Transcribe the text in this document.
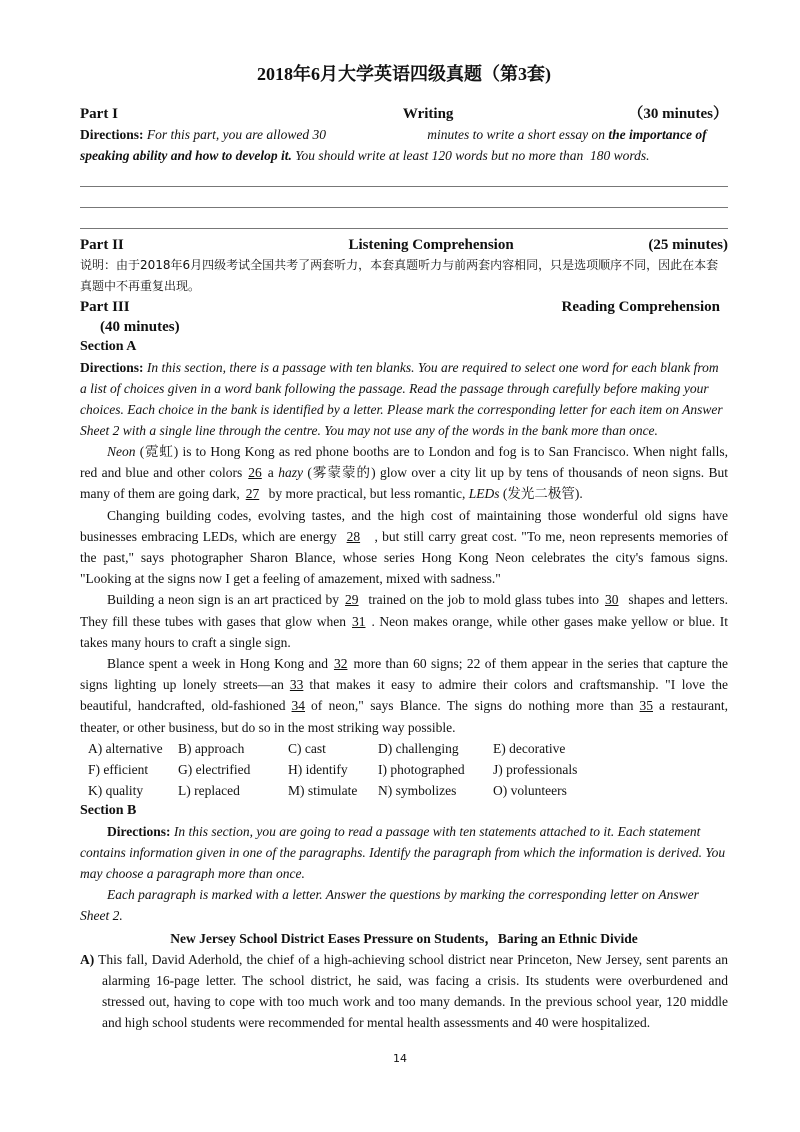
2018年6月大学英语四级真题（第3套)
Part I	Writing	（30 minutes）

Directions: For this part, you are allowed 30                              minutes to write a short essay on the importance of speaking ability and how to develop it. You should write at least 120 words but no more than  180 words.

Part II	Listening Comprehension	(25 minutes)

说明：由于2018年6月四级考试全国共考了两套听力，本套真题听力与前两套内容相同，只是选项顺序不同，因此在本套真题中不再重复出现。

Part III	Reading Comprehension
(40 minutes)

Section A

Directions: In this section, there is a passage with ten blanks. You are required to select one word for each blank from a list of choices given in a word bank following the passage. Read the passage through carefully before making your choices. Each choice in the bank is identified by a letter. Please mark the corresponding letter for each item on Answer Sheet 2 with a single line through the centre. You may not use any of the words in the bank more than once.

Neon (霓虹) is to Hong Kong as red phone booths are to London and fog is to San Francisco. When night falls, red and blue and other colors 26 a hazy (雾蒙蒙的) glow over a city lit up by tens of thousands of neon signs. But many of them are going dark, 27 by more practical, but less romantic, LEDs (发光二极管).

Changing building codes, evolving tastes, and the high cost of maintaining those wonderful old signs have businesses embracing LEDs, which are energy 28 , but still carry great cost. "To me, neon represents memories of the past," says photographer Sharon Blance, whose series Hong Kong Neon celebrates the city's famous signs. "Looking at the signs now I get a feeling of amazement, mixed with sadness."

Building a neon sign is an art practiced by 29 trained on the job to mold glass tubes into 30 shapes and letters. They fill these tubes with gases that glow when 31 . Neon makes orange, while other gases make yellow or blue. It takes many hours to craft a single sign.

Blance spent a week in Hong Kong and 32 more than 60 signs; 22 of them appear in the series that capture the signs lighting up lonely streets—an 33 that makes it easy to admire their colors and craftsmanship. "I love the beautiful, handcrafted, old-fashioned 34 of neon," says Blance. The signs do nothing more than 35 a restaurant, theater, or other business, but do so in the most striking way possible.

A) alternative	B) approach	C) cast	D) challenging	E) decorative
F) efficient	G) electrified	H) identify	I) photographed	J) professionals
K) quality	L) replaced	M) stimulate	N) symbolizes	O) volunteers

Section B

Directions: In this section, you are going to read a passage with ten statements attached to it. Each statement contains information given in one of the paragraphs. Identify the paragraph from which the information is derived. You may choose a paragraph more than once.

Each paragraph is marked with a letter. Answer the questions by marking the corresponding letter on Answer Sheet 2.

New Jersey School District Eases Pressure on Students，Baring an Ethnic Divide

A) This fall, David Aderhold, the chief of a high-achieving school district near Princeton, New Jersey, sent parents an alarming 16-page letter. The school district, he said, was facing a crisis. Its students were overburdened and stressed out, having to cope with too much work and too many demands. In the previous school year, 120 middle and high school students were recommended for mental health assessments and 40 were hospitalized.

14
